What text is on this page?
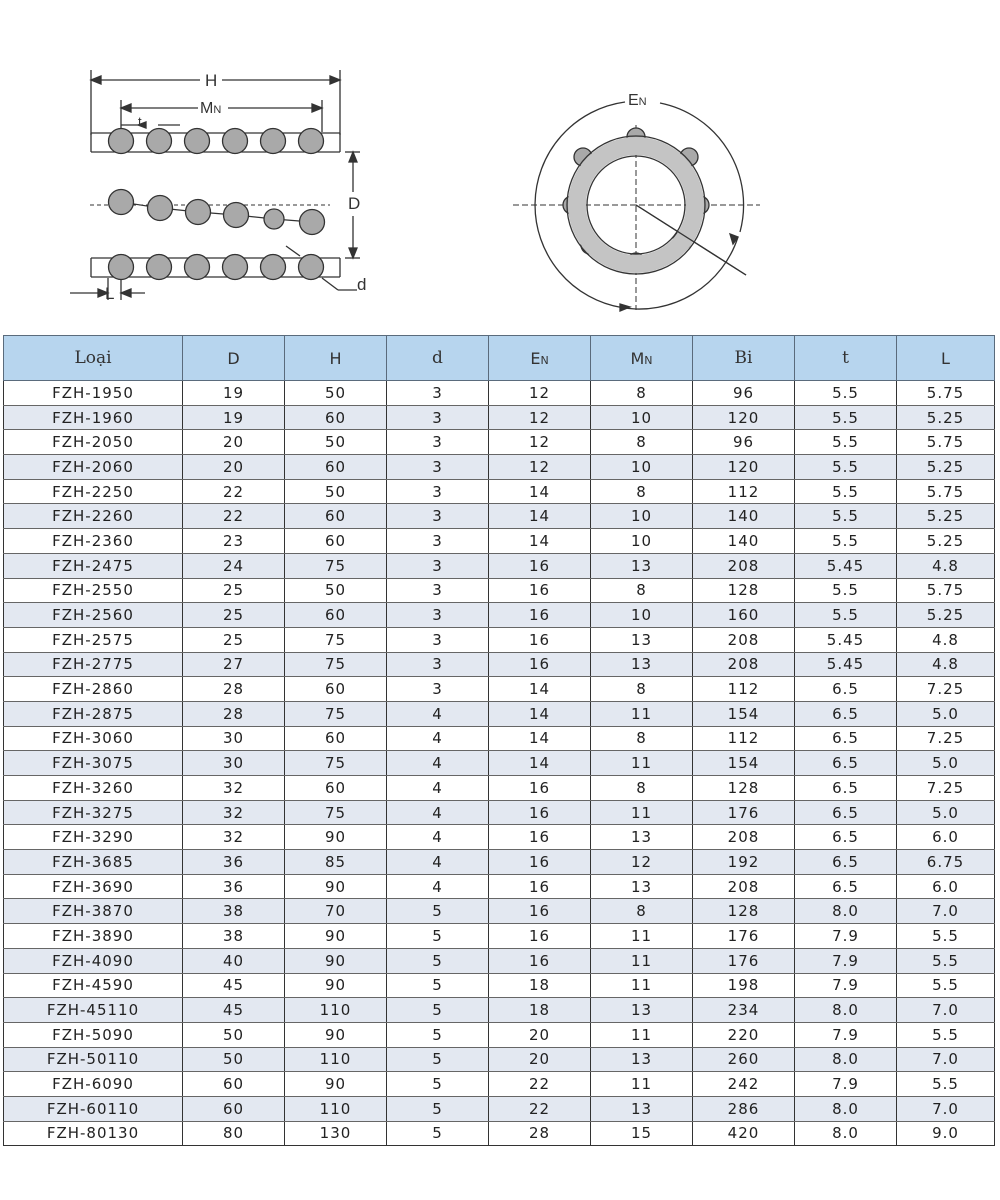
H
MN
t
D
L	d
EN
Loại	D	H	d	EN	MN	Bi	t	L
FZH-1950	19	50	3	12	8	96	5.5	5.75
FZH-1960	19	60	3	12	10	120	5.5	5.25
FZH-2050	20	50	3	12	8	96	5.5	5.75
FZH-2060	20	60	3	12	10	120	5.5	5.25
FZH-2250	22	50	3	14	8	112	5.5	5.75
FZH-2260	22	60	3	14	10	140	5.5	5.25
FZH-2360	23	60	3	14	10	140	5.5	5.25
FZH-2475	24	75	3	16	13	208	5.45	4.8
FZH-2550	25	50	3	16	8	128	5.5	5.75
FZH-2560	25	60	3	16	10	160	5.5	5.25
FZH-2575	25	75	3	16	13	208	5.45	4.8
FZH-2775	27	75	3	16	13	208	5.45	4.8
FZH-2860	28	60	3	14	8	112	6.5	7.25
FZH-2875	28	75	4	14	11	154	6.5	5.0
FZH-3060	30	60	4	14	8	112	6.5	7.25
FZH-3075	30	75	4	14	11	154	6.5	5.0
FZH-3260	32	60	4	16	8	128	6.5	7.25
FZH-3275	32	75	4	16	11	176	6.5	5.0
FZH-3290	32	90	4	16	13	208	6.5	6.0
FZH-3685	36	85	4	16	12	192	6.5	6.75
FZH-3690	36	90	4	16	13	208	6.5	6.0
FZH-3870	38	70	5	16	8	128	8.0	7.0
FZH-3890	38	90	5	16	11	176	7.9	5.5
FZH-4090	40	90	5	16	11	176	7.9	5.5
FZH-4590	45	90	5	18	11	198	7.9	5.5
FZH-45110	45	110	5	18	13	234	8.0	7.0
FZH-5090	50	90	5	20	11	220	7.9	5.5
FZH-50110	50	110	5	20	13	260	8.0	7.0
FZH-6090	60	90	5	22	11	242	7.9	5.5
FZH-60110	60	110	5	22	13	286	8.0	7.0
FZH-80130	80	130	5	28	15	420	8.0	9.0
